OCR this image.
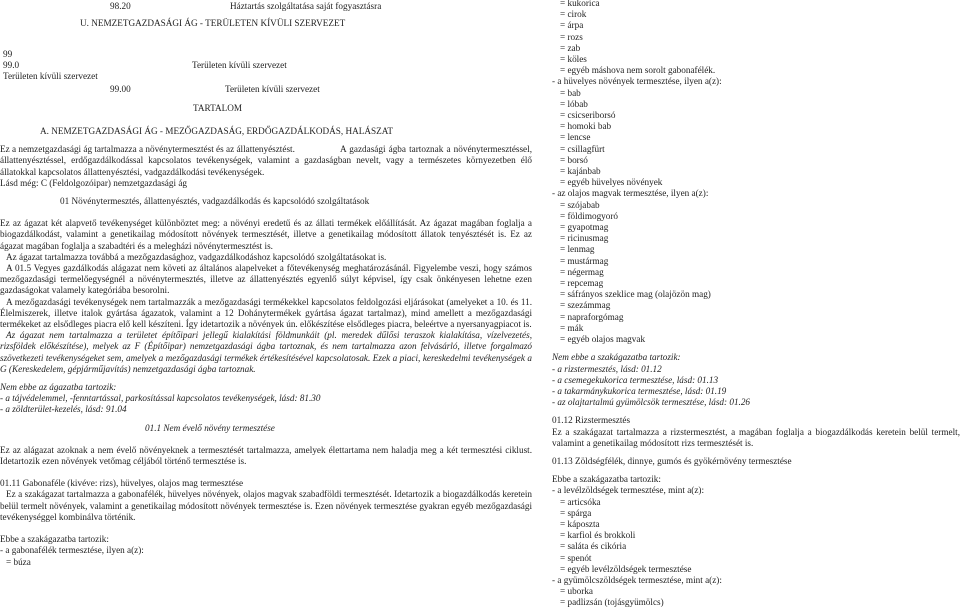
98.20	Háztartás szolgáltatása saját fogyasztásra
U. NEMZETGAZDASÁGI ÁG - TERÜLETEN KÍVÜLI SZERVEZET
99
99.0	Területen kívüli szervezet
Területen kívüli szervezet
99.00	Területen kívüli szervezet
TARTALOM
A. NEMZETGAZDASÁGI ÁG - MEZŐGAZDASÁG, ERDŐGAZDÁLKODÁS, HALÁSZAT

Ez a nemzetgazdasági ág tartalmazza a növénytermesztést és az állattenyésztést.	A gazdasági ágba tartoznak a növénytermesztéssel, állattenyésztéssel, erdőgazdálkodással kapcsolatos tevékenységek, valamint a gazdaságban nevelt, vagy a természetes környezetben élő állatokkal kapcsolatos állattenyésztési, vadgazdálkodási tevékenységek.

Lásd még: C (Feldolgozóipar) nemzetgazdasági ág

01 Növénytermesztés, állattenyésztés, vadgazdálkodás és kapcsolódó szolgáltatások

Ez az ágazat két alapvető tevékenységet különböztet meg: a növényi eredetű és az állati termékek előállítását. Az ágazat magában foglalja a biogazdálkodást, valamint a genetikailag módosított növények termesztését, illetve a genetikailag módosított állatok tenyésztését is. Ez az ágazat magában foglalja a szabadtéri és a melegházi növénytermesztést is.

Az ágazat tartalmazza továbbá a mezőgazdasághoz, vadgazdálkodáshoz kapcsolódó szolgáltatásokat is.

A 01.5 Vegyes gazdálkodás alágazat nem követi az általános alapelveket a főtevékenység meghatározásánál. Figyelembe veszi, hogy számos mezőgazdasági termelőegységnél a növénytermesztés, illetve az állattenyésztés egyenlő súlyt képvisel, így csak önkényesen lehetne ezen gazdaságokat valamely kategóriába besorolni.

A mezőgazdasági tevékenységek nem tartalmazzák a mezőgazdasági termékekkel kapcsolatos feldolgozási eljárásokat (amelyeket a 10. és 11. Élelmiszerek, illetve italok gyártása ágazatok, valamint a 12 Dohánytermékek gyártása ágazat tartalmaz), mind amellett a mezőgazdasági termékeket az elsődleges piacra elő kell készíteni. Így idetartozik a növények ún. előkészítése elsődleges piacra, beleértve a nyersanyagpiacot is.

Az ágazat nem tartalmazza a területet építőipari jellegű kialakítási földmunkáit (pl. meredek dűlősi teraszok kialakítása, vízelvezetés, rizsföldek előkészítése), melyek az F (Építőipar) nemzetgazdasági ágba tartoznak, és nem tartalmazza azon felvásárló, illetve forgalmazó szövetkezeti tevékenységeket sem, amelyek a mezőgazdasági termékek értékesítésével kapcsolatosak. Ezek a piaci, kereskedelmi tevékenységek a G (Kereskedelem, gépjárműjavítás) nemzetgazdasági ágba tartoznak.

Nem ebbe az ágazatba tartozik:

- a tájvédelemmel, -fenntartással, parkosítással kapcsolatos tevékenységek, lásd: 81.30

- a zöldterület-kezelés, lásd: 91.04

01.1 Nem évelő növény termesztése

Ez az alágazat azoknak a nem évelő növényeknek a termesztését tartalmazza, amelyek élettartama nem haladja meg a két termesztési ciklust. Idetartozik ezen növények vetőmag céljából történő termesztése is.

01.11 Gabonaféle (kivéve: rizs), hüvelyes, olajos mag termesztése

Ez a szakágazat tartalmazza a gabonafélék, hüvelyes növények, olajos magvak szabadföldi termesztését. Idetartozik a biogazdálkodás keretein belül termelt növények, valamint a genetikailag módosított növények termesztése is. Ezen növények termesztése gyakran egyéb mezőgazdasági tevékenységgel kombinálva történik.

Ebbe a szakágazatba tartozik:

- a gabonafélék termesztése, ilyen a(z):

= búza

= kukorica

= cirok

= árpa

= rozs

= zab

= köles

= egyéb máshova nem sorolt gabonafélék.

- a hüvelyes növények termesztése, ilyen a(z):

= bab

= lóbab

= csicseriborsó

= homoki bab

= lencse

= csillagfürt

= borsó

= kajánbab

= egyéb hüvelyes növények

- az olajos magvak termesztése, ilyen a(z):

= szójabab

= földimogyoró

= gyapotmag

= ricinusmag

= lenmag

= mustármag

= négermag

= repcemag

= sáfrányos szeklice mag (olajözön mag)

= szezámmag

= napraforgómag

= mák

= egyéb olajos magvak

Nem ebbe a szakágazatba tartozik:

- a rizstermesztés, lásd: 01.12

- a csemegekukorica termesztése, lásd: 01.13

- a takarmánykukorica termesztése, lásd: 01.19

- az olajtartalmú gyümölcsök termesztése, lásd: 01.26

01.12 Rizstermesztés

Ez a szakágazat tartalmazza a rizstermesztést, a magában foglalja a biogazdálkodás keretein belül termelt, valamint a genetikailag módosított rizs termesztését is.

01.13 Zöldségfélék, dinnye, gumós és gyökérnövény termesztése

Ebbe a szakágazatba tartozik:

- a levélzöldségek termesztése, mint a(z):

= articsóka

= spárga

= káposzta

= karfiol és brokkoli

= saláta és cikória

= spenót

= egyéb levélzöldségek termesztése

- a gyümölcszöldségek termesztése, mint a(z):

= uborka

= padlizsán (tojásgyümölcs)
